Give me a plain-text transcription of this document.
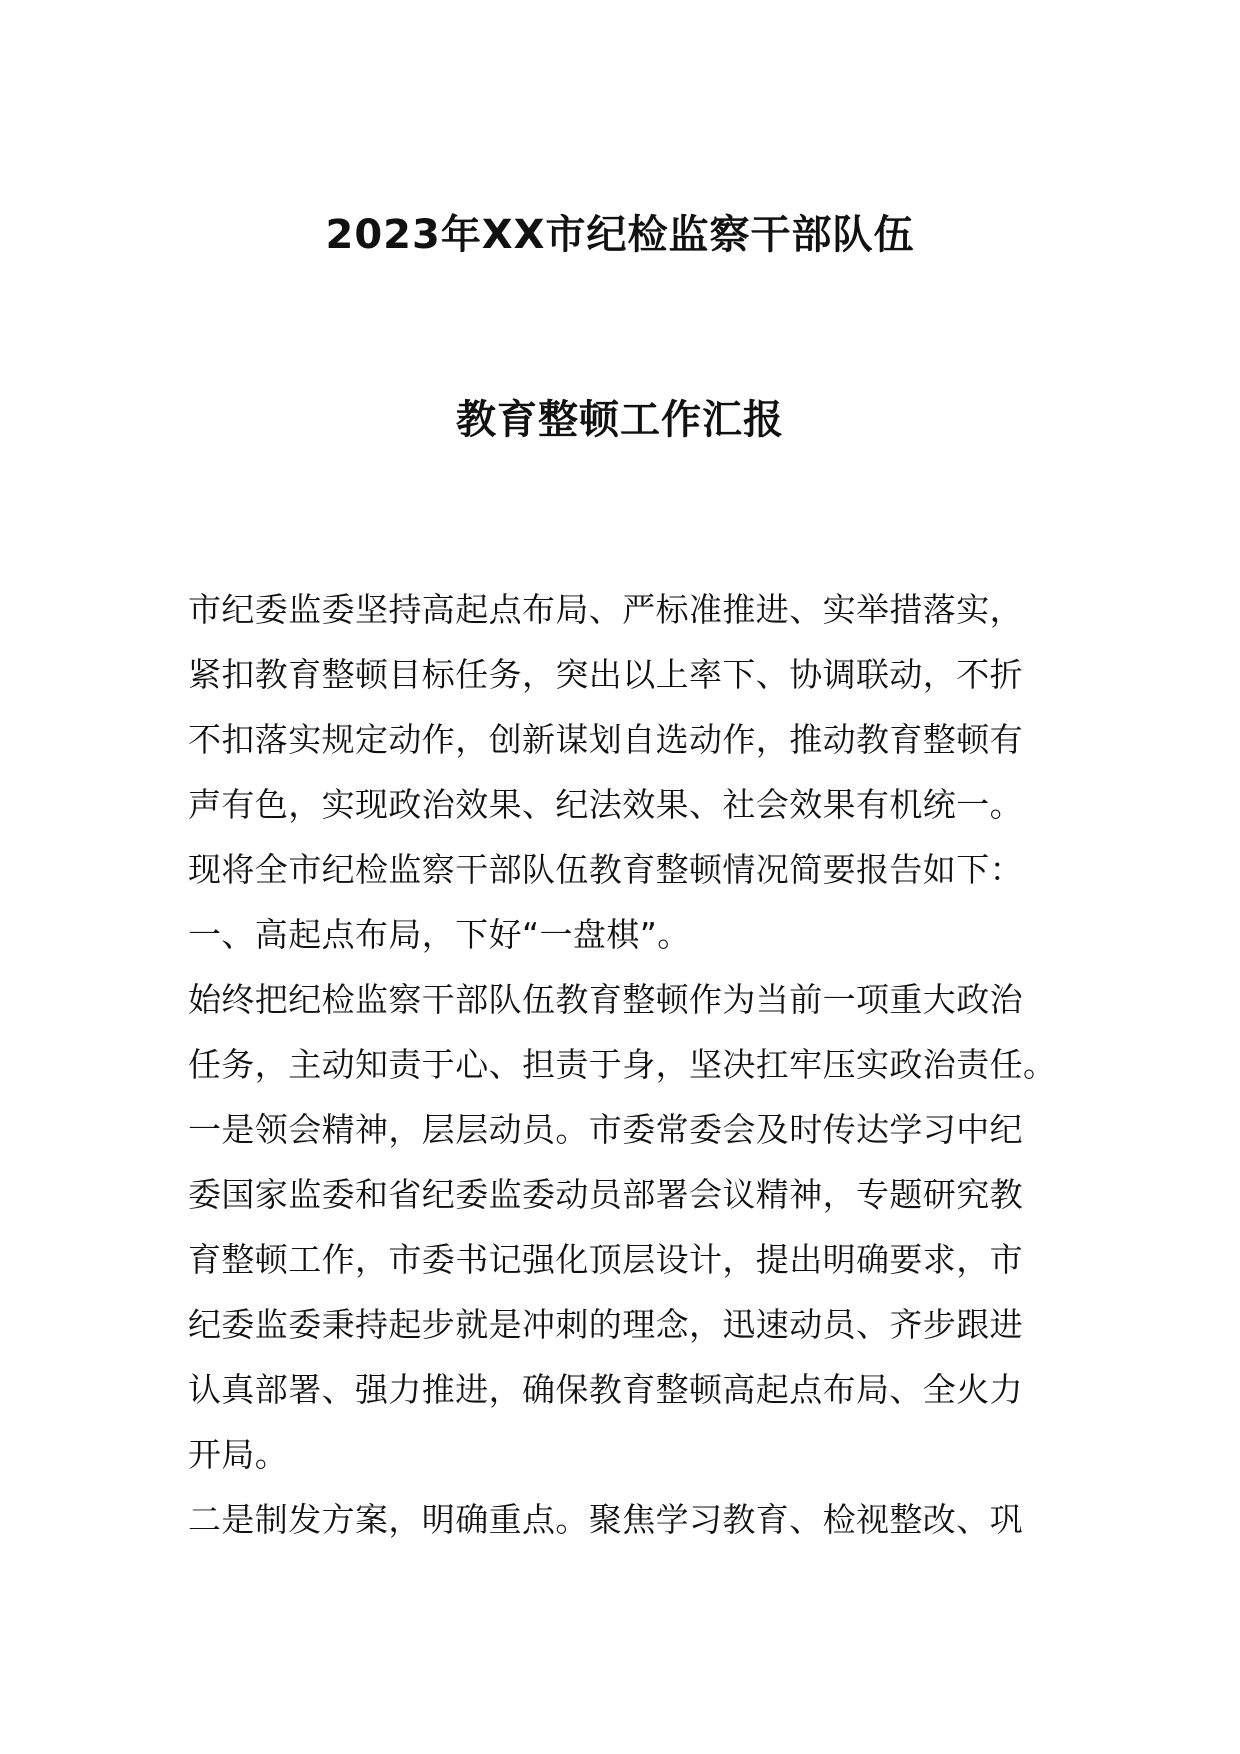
2023年XX市纪检监察干部队伍
教育整顿工作汇报
市纪委监委坚持高起点布局、严标准推进、实举措落实，
紧扣教育整顿目标任务，突出以上率下、协调联动，不折
不扣落实规定动作，创新谋划自选动作，推动教育整顿有
声有色，实现政治效果、纪法效果、社会效果有机统一。
现将全市纪检监察干部队伍教育整顿情况简要报告如下：
一、高起点布局，下好“一盘棋”。
始终把纪检监察干部队伍教育整顿作为当前一项重大政治
任务，主动知责于心、担责于身，坚决扛牢压实政治责任。
一是领会精神，层层动员。市委常委会及时传达学习中纪
委国家监委和省纪委监委动员部署会议精神，专题研究教
育整顿工作，市委书记强化顶层设计，提出明确要求，市
纪委监委秉持起步就是冲刺的理念，迅速动员、齐步跟进
认真部署、强力推进，确保教育整顿高起点布局、全火力
开局。
二是制发方案，明确重点。聚焦学习教育、检视整改、巩
